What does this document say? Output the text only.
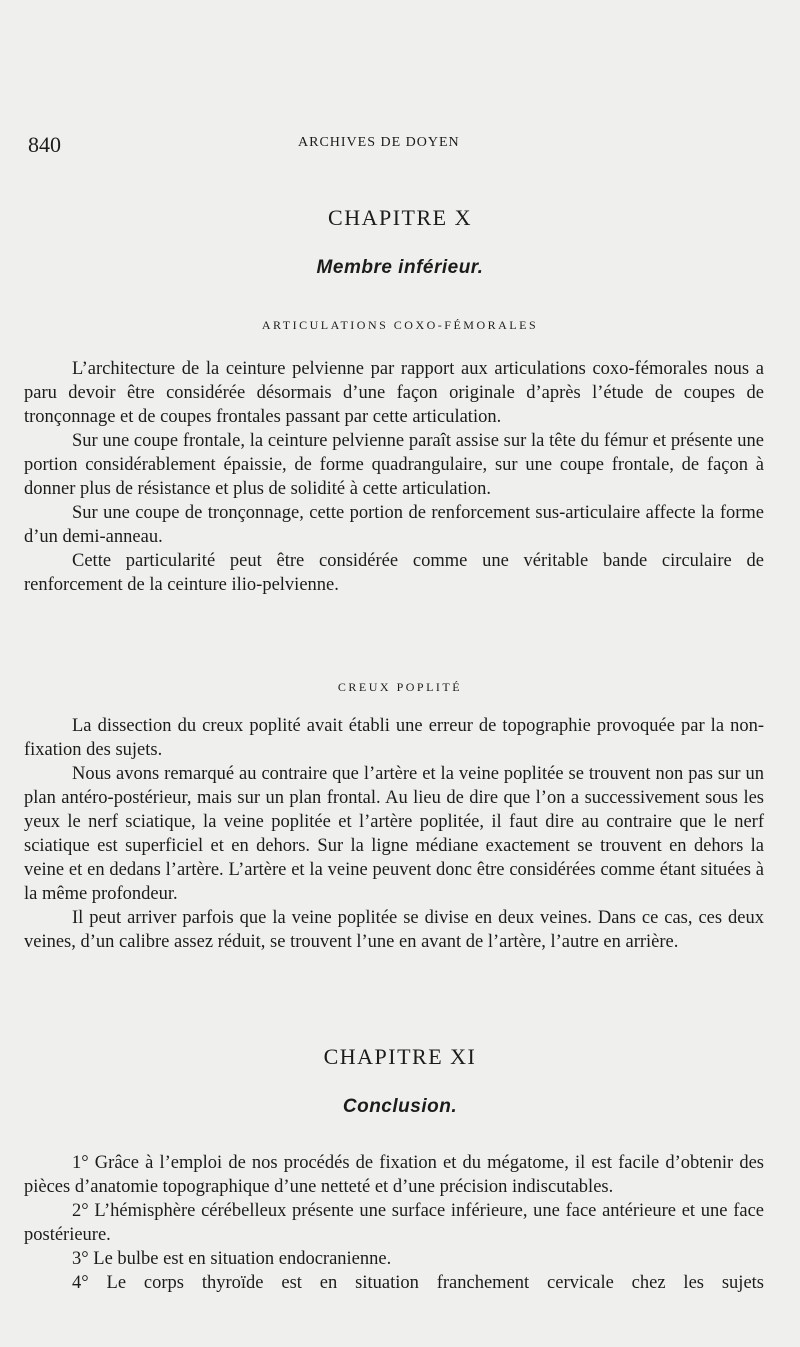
840	ARCHIVES DE DOYEN
CHAPITRE X
Membre inférieur.
ARTICULATIONS COXO-FÉMORALES

L’architecture de la ceinture pelvienne par rapport aux articulations coxo-fémorales nous a paru devoir être considérée désormais d’une façon originale d’après l’étude de coupes de tronçonnage et de coupes frontales passant par cette articulation.

Sur une coupe frontale, la ceinture pelvienne paraît assise sur la tête du fémur et présente une portion considérablement épaissie, de forme quadrangulaire, sur une coupe frontale, de façon à donner plus de résistance et plus de solidité à cette articulation.

Sur une coupe de tronçonnage, cette portion de renforcement sus-articulaire affecte la forme d’un demi-anneau.

Cette particularité peut être considérée comme une véritable bande circulaire de renforcement de la ceinture ilio-pelvienne.

CREUX POPLITÉ

La dissection du creux poplité avait établi une erreur de topographie provoquée par la non-fixation des sujets.

Nous avons remarqué au contraire que l’artère et la veine poplitée se trouvent non pas sur un plan antéro-postérieur, mais sur un plan frontal. Au lieu de dire que l’on a successivement sous les yeux le nerf sciatique, la veine poplitée et l’artère poplitée, il faut dire au contraire que le nerf sciatique est superficiel et en dehors. Sur la ligne médiane exactement se trouvent en dehors la veine et en dedans l’artère. L’artère et la veine peuvent donc être considérées comme étant situées à la même profondeur.

Il peut arriver parfois que la veine poplitée se divise en deux veines. Dans ce cas, ces deux veines, d’un calibre assez réduit, se trouvent l’une en avant de l’artère, l’autre en arrière.

CHAPITRE XI
Conclusion.

1° Grâce à l’emploi de nos procédés de fixation et du mégatome, il est facile d’obtenir des pièces d’anatomie topographique d’une netteté et d’une précision indiscutables.

2° L’hémisphère cérébelleux présente une surface inférieure, une face antérieure et une face postérieure.

3° Le bulbe est en situation endocranienne.

4° Le corps thyroïde est en situation franchement cervicale chez les sujets
